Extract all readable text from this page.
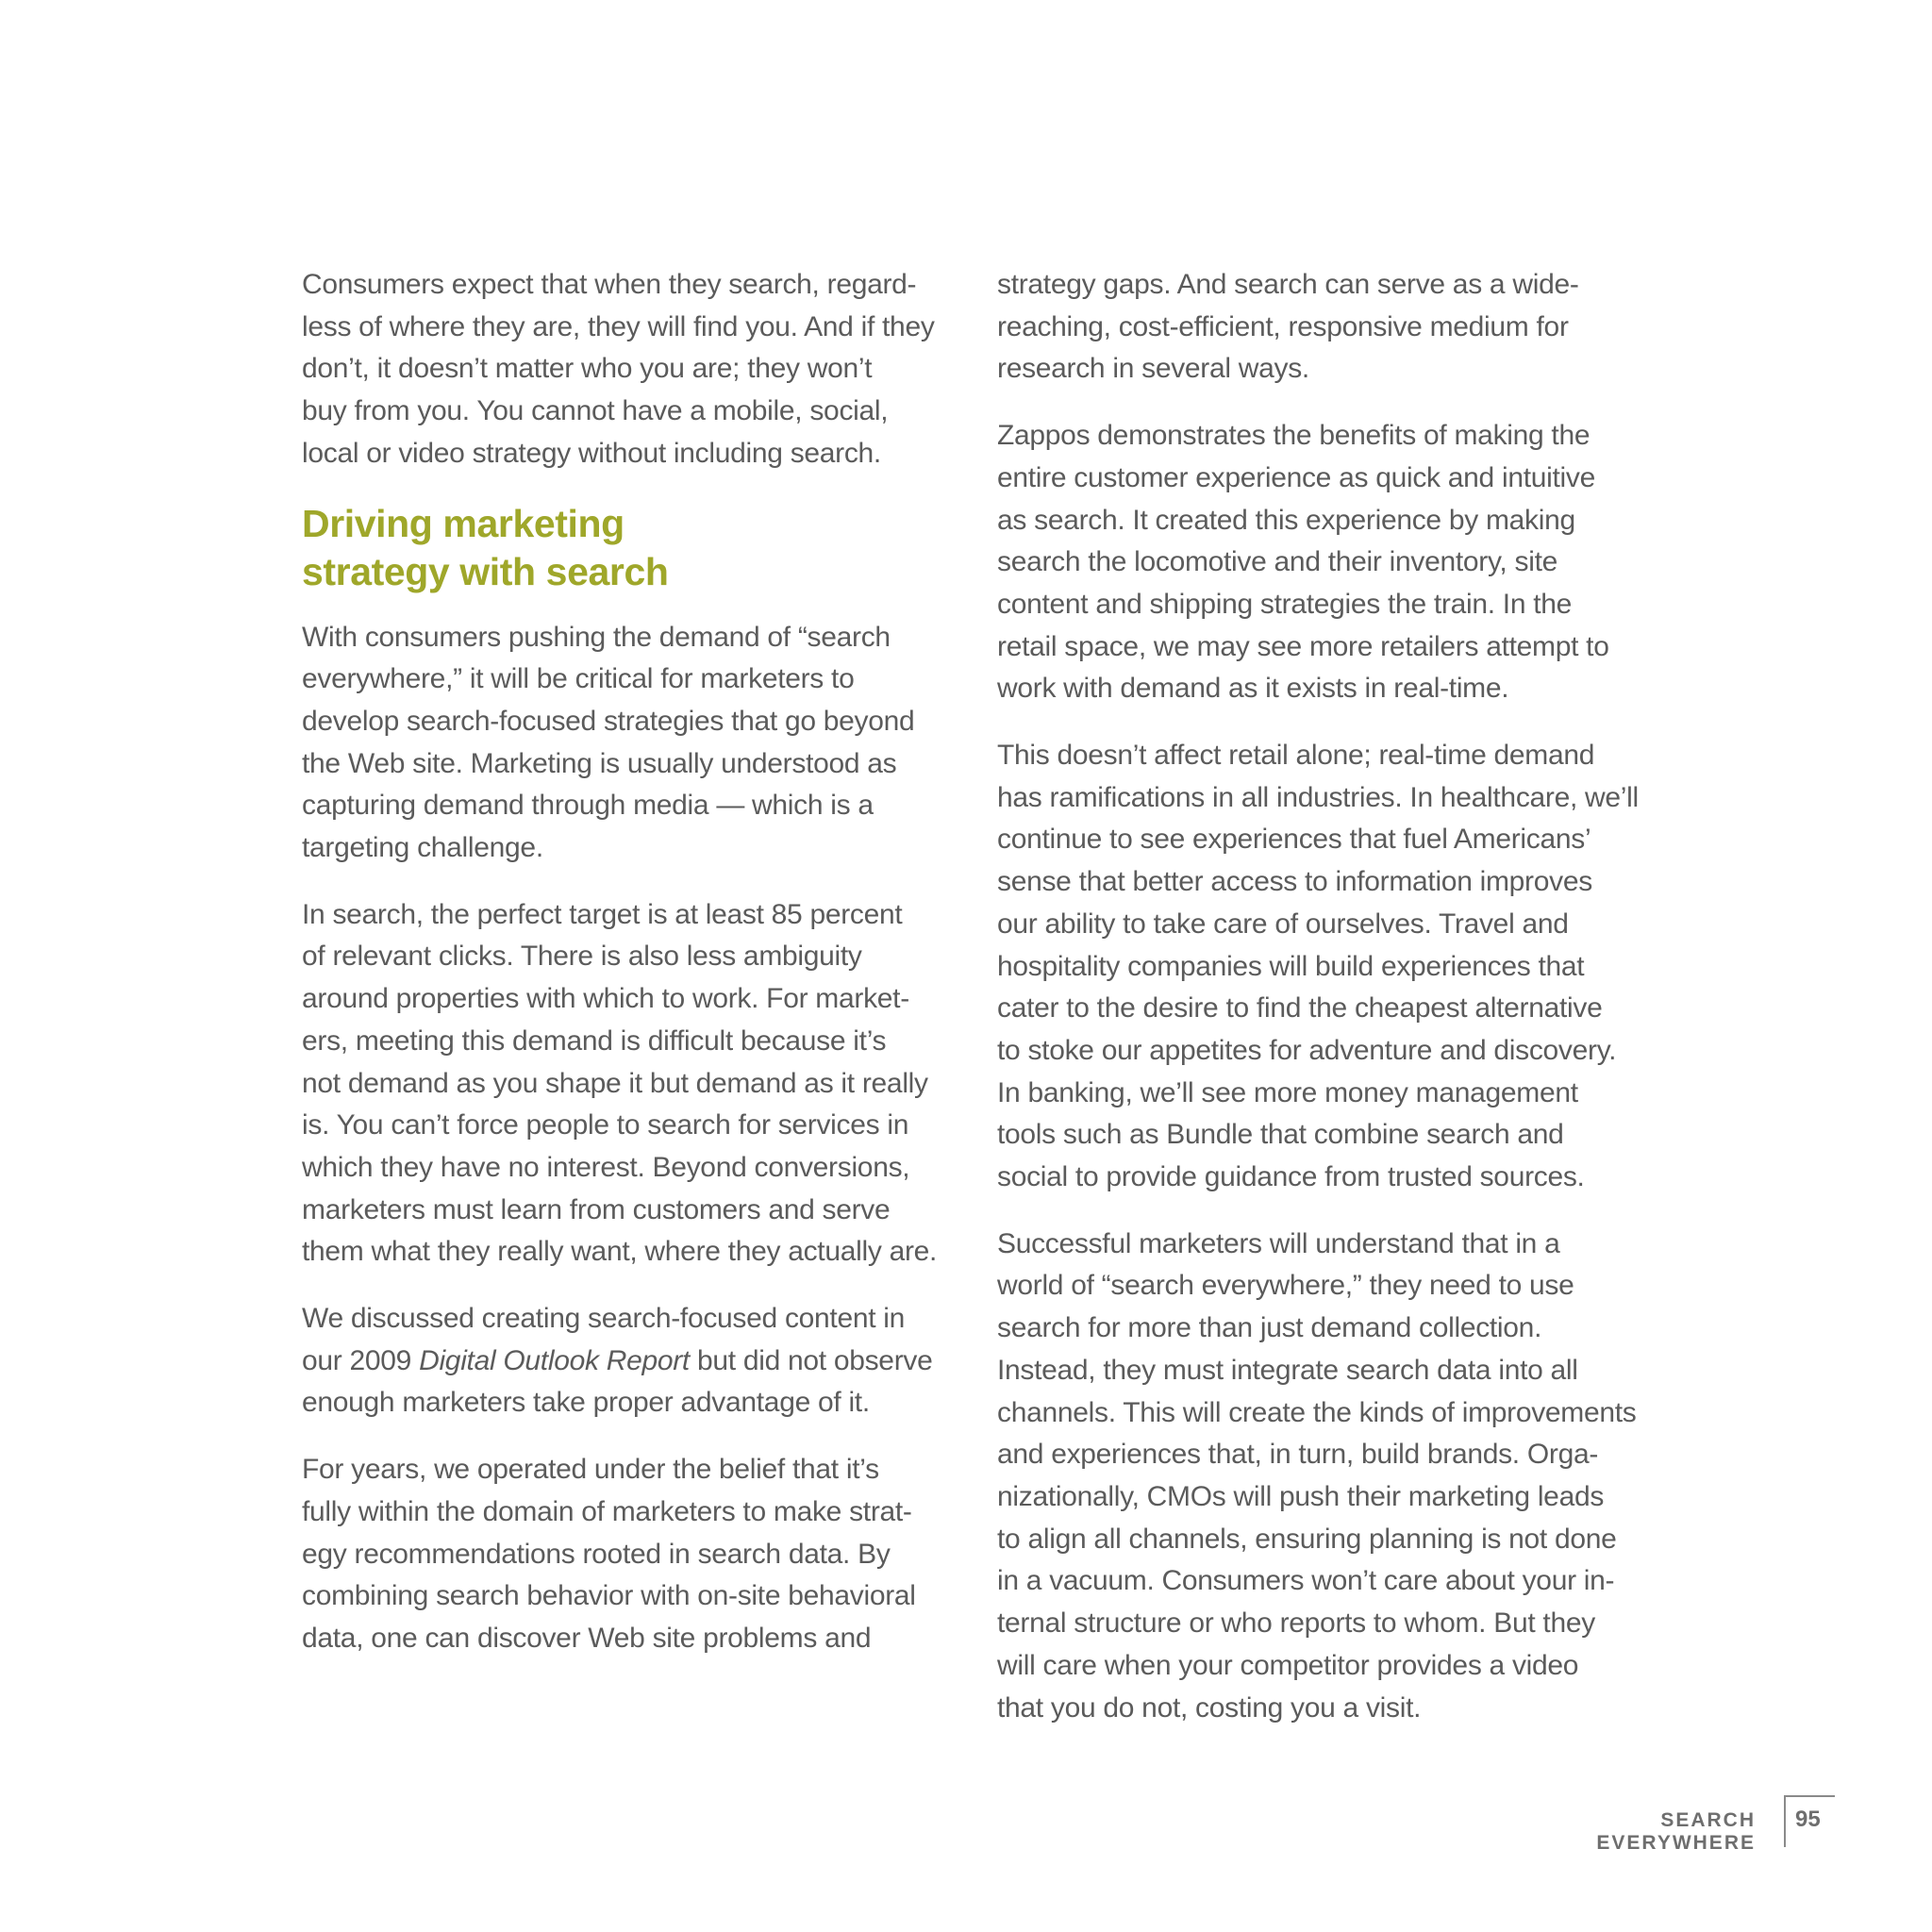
Consumers expect that when they search, regard-
less of where they are, they will find you. And if they
don’t, it doesn’t matter who you are; they won’t
buy from you. You cannot have a mobile, social,
local or video strategy without including search.

Driving marketing
strategy with search

With consumers pushing the demand of “search
everywhere,” it will be critical for marketers to
develop search-focused strategies that go beyond
the Web site. Marketing is usually understood as
capturing demand through media — which is a
targeting challenge.

In search, the perfect target is at least 85 percent
of relevant clicks. There is also less ambiguity
around properties with which to work. For market-
ers, meeting this demand is difficult because it’s
not demand as you shape it but demand as it really
is. You can’t force people to search for services in
which they have no interest. Beyond conversions,
marketers must learn from customers and serve
them what they really want, where they actually are.

We discussed creating search-focused content in
our 2009 Digital Outlook Report but did not observe
enough marketers take proper advantage of it.

For years, we operated under the belief that it’s
fully within the domain of marketers to make strat-
egy recommendations rooted in search data. By
combining search behavior with on-site behavioral
data, one can discover Web site problems and

strategy gaps. And search can serve as a wide-
reaching, cost-efficient, responsive medium for
research in several ways.

Zappos demonstrates the benefits of making the
entire customer experience as quick and intuitive
as search. It created this experience by making
search the locomotive and their inventory, site
content and shipping strategies the train. In the
retail space, we may see more retailers attempt to
work with demand as it exists in real-time.

This doesn’t affect retail alone; real-time demand
has ramifications in all industries. In healthcare, we’ll
continue to see experiences that fuel Americans’
sense that better access to information improves
our ability to take care of ourselves. Travel and
hospitality companies will build experiences that
cater to the desire to find the cheapest alternative
to stoke our appetites for adventure and discovery.
In banking, we’ll see more money management
tools such as Bundle that combine search and
social to provide guidance from trusted sources.

Successful marketers will understand that in a
world of “search everywhere,” they need to use
search for more than just demand collection.
Instead, they must integrate search data into all
channels. This will create the kinds of improvements
and experiences that, in turn, build brands. Orga-
nizationally, CMOs will push their marketing leads
to align all channels, ensuring planning is not done
in a vacuum. Consumers won’t care about your in-
ternal structure or who reports to whom. But they
will care when your competitor provides a video
that you do not, costing you a visit.

SEARCH EVERYWHERE
95
